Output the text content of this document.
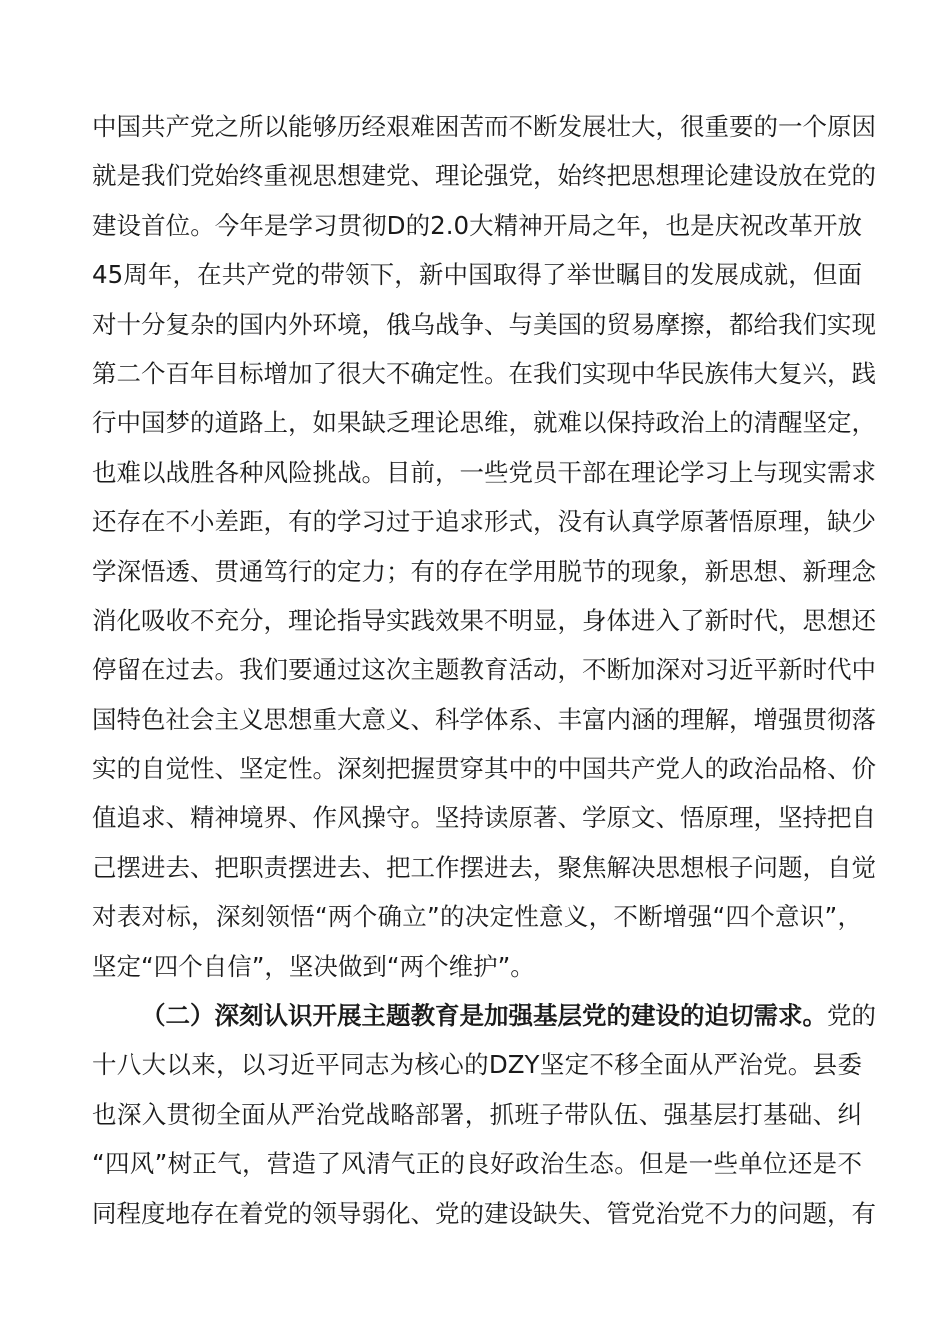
中国共产党之所以能够历经艰难困苦而不断发展壮大，很重要的一个原因
就是我们党始终重视思想建党、理论强党，始终把思想理论建设放在党的
建设首位。今年是学习贯彻D的2.0大精神开局之年，也是庆祝改革开放
45周年，在共产党的带领下，新中国取得了举世瞩目的发展成就，但面
对十分复杂的国内外环境，俄乌战争、与美国的贸易摩擦，都给我们实现
第二个百年目标增加了很大不确定性。在我们实现中华民族伟大复兴，践
行中国梦的道路上，如果缺乏理论思维，就难以保持政治上的清醒坚定，
也难以战胜各种风险挑战。目前，一些党员干部在理论学习上与现实需求
还存在不小差距，有的学习过于追求形式，没有认真学原著悟原理，缺少
学深悟透、贯通笃行的定力；有的存在学用脱节的现象，新思想、新理念
消化吸收不充分，理论指导实践效果不明显，身体进入了新时代，思想还
停留在过去。我们要通过这次主题教育活动，不断加深对习近平新时代中
国特色社会主义思想重大意义、科学体系、丰富内涵的理解，增强贯彻落
实的自觉性、坚定性。深刻把握贯穿其中的中国共产党人的政治品格、价
值追求、精神境界、作风操守。坚持读原著、学原文、悟原理，坚持把自
己摆进去、把职责摆进去、把工作摆进去，聚焦解决思想根子问题，自觉
对表对标，深刻领悟“两个确立”的决定性意义，不断增强“四个意识”，
坚定“四个自信”，坚决做到“两个维护”。
（二）深刻认识开展主题教育是加强基层党的建设的迫切需求。党的
十八大以来，以习近平同志为核心的DZY坚定不移全面从严治党。县委
也深入贯彻全面从严治党战略部署，抓班子带队伍、强基层打基础、纠
“四风”树正气，营造了风清气正的良好政治生态。但是一些单位还是不
同程度地存在着党的领导弱化、党的建设缺失、管党治党不力的问题，有
